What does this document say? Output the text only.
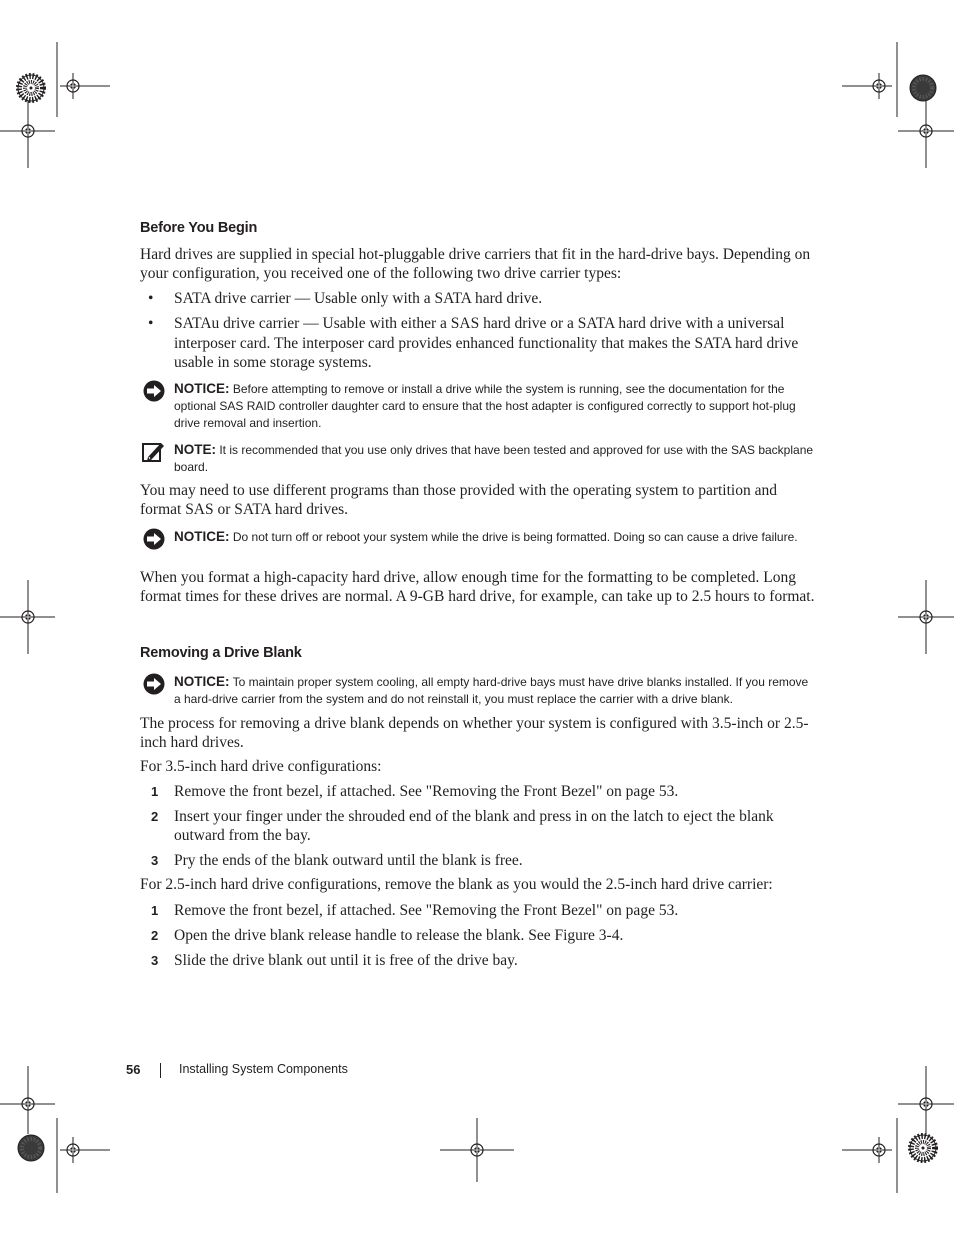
Before You Begin

Hard drives are supplied in special hot-pluggable drive carriers that fit in the hard-drive bays. Depending on your configuration, you received one of the following two drive carrier types:

• SATA drive carrier — Usable only with a SATA hard drive.
• SATAu drive carrier — Usable with either a SAS hard drive or a SATA hard drive with a universal interposer card. The interposer card provides enhanced functionality that makes the SATA hard drive usable in some storage systems.
NOTICE: Before attempting to remove or install a drive while the system is running, see the documentation for the optional SAS RAID controller daughter card to ensure that the host adapter is configured correctly to support hot-plug drive removal and insertion.
NOTE: It is recommended that you use only drives that have been tested and approved for use with the SAS backplane board.

You may need to use different programs than those provided with the operating system to partition and format SAS or SATA hard drives.

NOTICE: Do not turn off or reboot your system while the drive is being formatted. Doing so can cause a drive failure.

When you format a high-capacity hard drive, allow enough time for the formatting to be completed. Long format times for these drives are normal. A 9-GB hard drive, for example, can take up to 2.5 hours to format.

Removing a Drive Blank
NOTICE: To maintain proper system cooling, all empty hard-drive bays must have drive blanks installed. If you remove a hard-drive carrier from the system and do not reinstall it, you must replace the carrier with a drive blank.

The process for removing a drive blank depends on whether your system is configured with 3.5-inch or 2.5-inch hard drives.

For 3.5-inch hard drive configurations:

1 Remove the front bezel, if attached. See "Removing the Front Bezel" on page 53.
2 Insert your finger under the shrouded end of the blank and press in on the latch to eject the blank outward from the bay.
3 Pry the ends of the blank outward until the blank is free.

For 2.5-inch hard drive configurations, remove the blank as you would the 2.5-inch hard drive carrier:

1 Remove the front bezel, if attached. See "Removing the Front Bezel" on page 53.
2 Open the drive blank release handle to release the blank. See Figure 3-4.
3 Slide the drive blank out until it is free of the drive bay.
56	Installing System Components
